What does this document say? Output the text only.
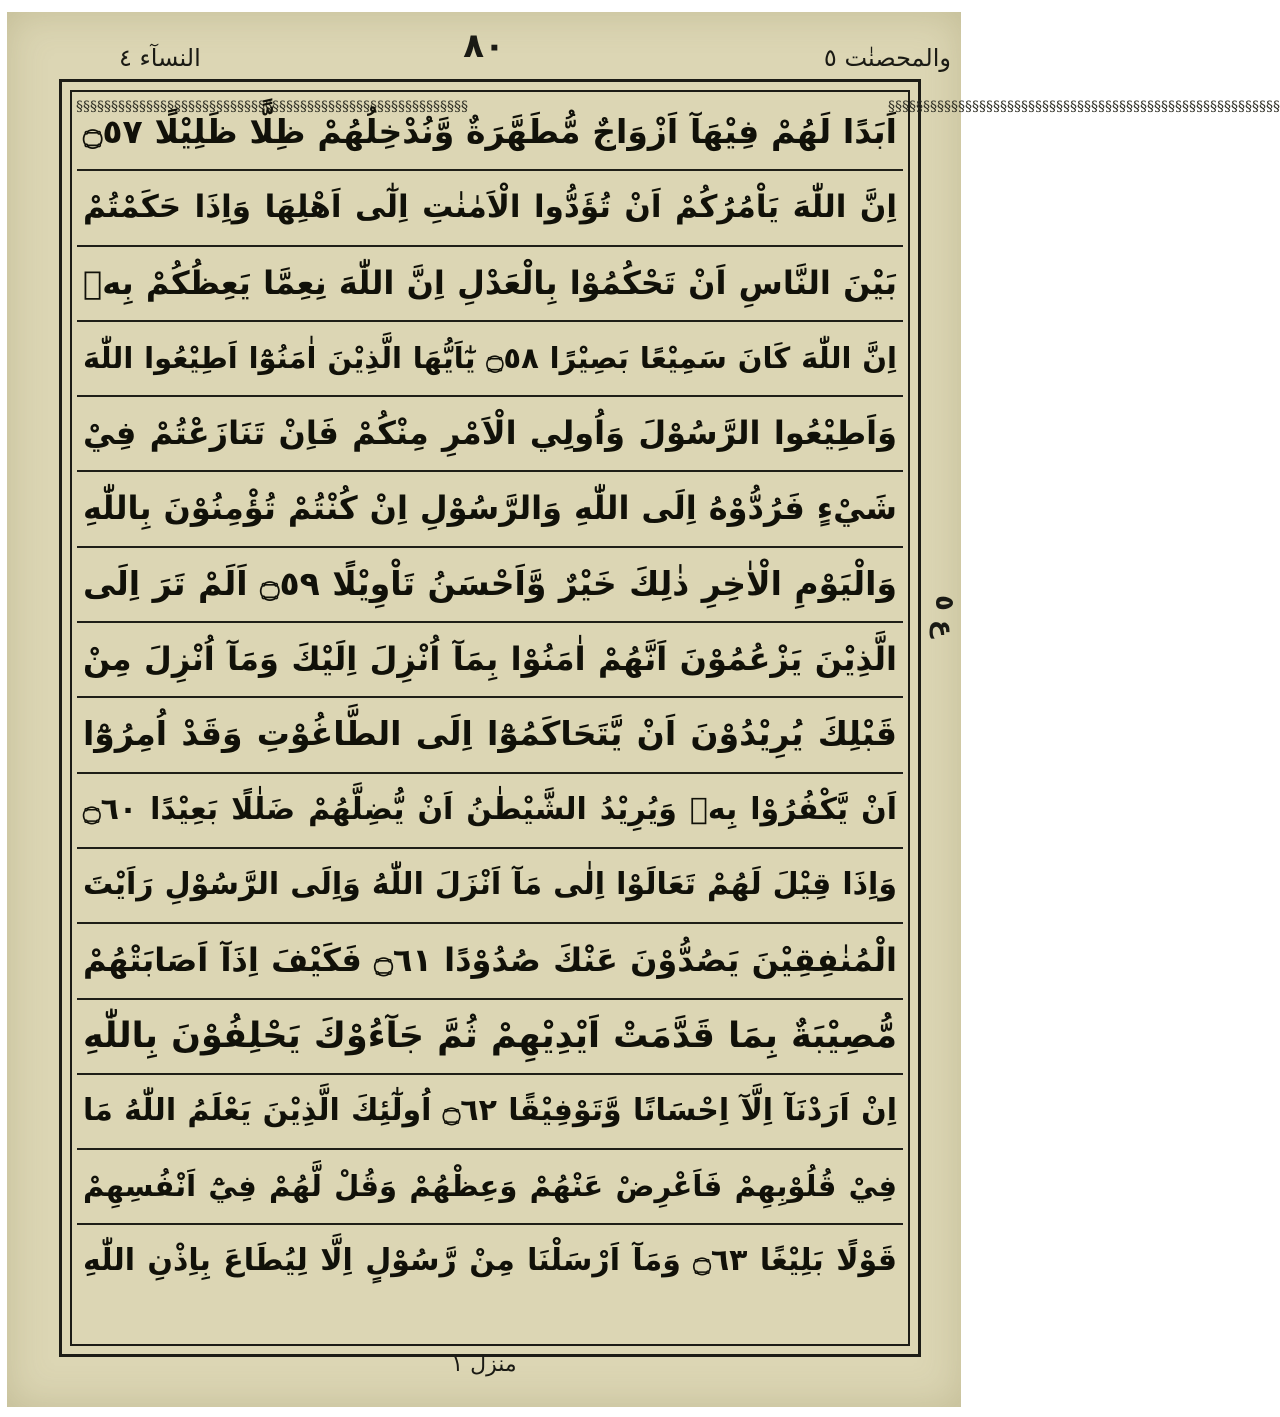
والمحصنٰت ٥
٨٠
النسآء ٤
§§§§§§§§§§§§§§§§§§§§§§§§§§§§§§§§§§§§§§§§§§§§§§§§§§§§§§§§	§§§§§§§§§§§§§§§§§§§§§§§§§§§§§§§§§§§§§§§§§§§§§§§§§§§§§§§§
اَبَدًا لَهُمْ فِيْهَآ اَزْوَاجٌ مُّطَهَّرَةٌ وَّنُدْخِلُهُمْ ظِلًّا ظَلِيْلًا ۝٥٧
اِنَّ اللّٰهَ يَاْمُرُكُمْ اَنْ تُؤَدُّوا الْاَمٰنٰتِ اِلٰٓى اَهْلِهَا وَاِذَا حَكَمْتُمْ
بَيْنَ النَّاسِ اَنْ تَحْكُمُوْا بِالْعَدْلِ اِنَّ اللّٰهَ نِعِمَّا يَعِظُكُمْ بِهٖ
اِنَّ اللّٰهَ كَانَ سَمِيْعًا بَصِيْرًا ۝٥٨ يٰٓاَيُّهَا الَّذِيْنَ اٰمَنُوْٓا اَطِيْعُوا اللّٰهَ
وَاَطِيْعُوا الرَّسُوْلَ وَاُولِي الْاَمْرِ مِنْكُمْ فَاِنْ تَنَازَعْتُمْ فِيْ
شَيْءٍ فَرُدُّوْهُ اِلَى اللّٰهِ وَالرَّسُوْلِ اِنْ كُنْتُمْ تُؤْمِنُوْنَ بِاللّٰهِ
وَالْيَوْمِ الْاٰخِرِ ذٰلِكَ خَيْرٌ وَّاَحْسَنُ تَاْوِيْلًا ۝٥٩ اَلَمْ تَرَ اِلَى
الَّذِيْنَ يَزْعُمُوْنَ اَنَّهُمْ اٰمَنُوْا بِمَآ اُنْزِلَ اِلَيْكَ وَمَآ اُنْزِلَ مِنْ
قَبْلِكَ يُرِيْدُوْنَ اَنْ يَّتَحَاكَمُوْٓا اِلَى الطَّاغُوْتِ وَقَدْ اُمِرُوْٓا
اَنْ يَّكْفُرُوْا بِهٖ وَيُرِيْدُ الشَّيْطٰنُ اَنْ يُّضِلَّهُمْ ضَلٰلًا بَعِيْدًا ۝٦٠
وَاِذَا قِيْلَ لَهُمْ تَعَالَوْا اِلٰى مَآ اَنْزَلَ اللّٰهُ وَاِلَى الرَّسُوْلِ رَاَيْتَ
الْمُنٰفِقِيْنَ يَصُدُّوْنَ عَنْكَ صُدُوْدًا ۝٦١ فَكَيْفَ اِذَآ اَصَابَتْهُمْ
مُّصِيْبَةٌ بِمَا قَدَّمَتْ اَيْدِيْهِمْ ثُمَّ جَآءُوْكَ يَحْلِفُوْنَ بِاللّٰهِ
اِنْ اَرَدْنَآ اِلَّآ اِحْسَانًا وَّتَوْفِيْقًا ۝٦٢ اُولٰٓئِكَ الَّذِيْنَ يَعْلَمُ اللّٰهُ مَا
فِيْ قُلُوْبِهِمْ فَاَعْرِضْ عَنْهُمْ وَعِظْهُمْ وَقُلْ لَّهُمْ فِيْٓ اَنْفُسِهِمْ
قَوْلًا بَلِيْغًا ۝٦٣ وَمَآ اَرْسَلْنَا مِنْ رَّسُوْلٍ اِلَّا لِيُطَاعَ بِاِذْنِ اللّٰهِ
ع ٥
منزل ١
